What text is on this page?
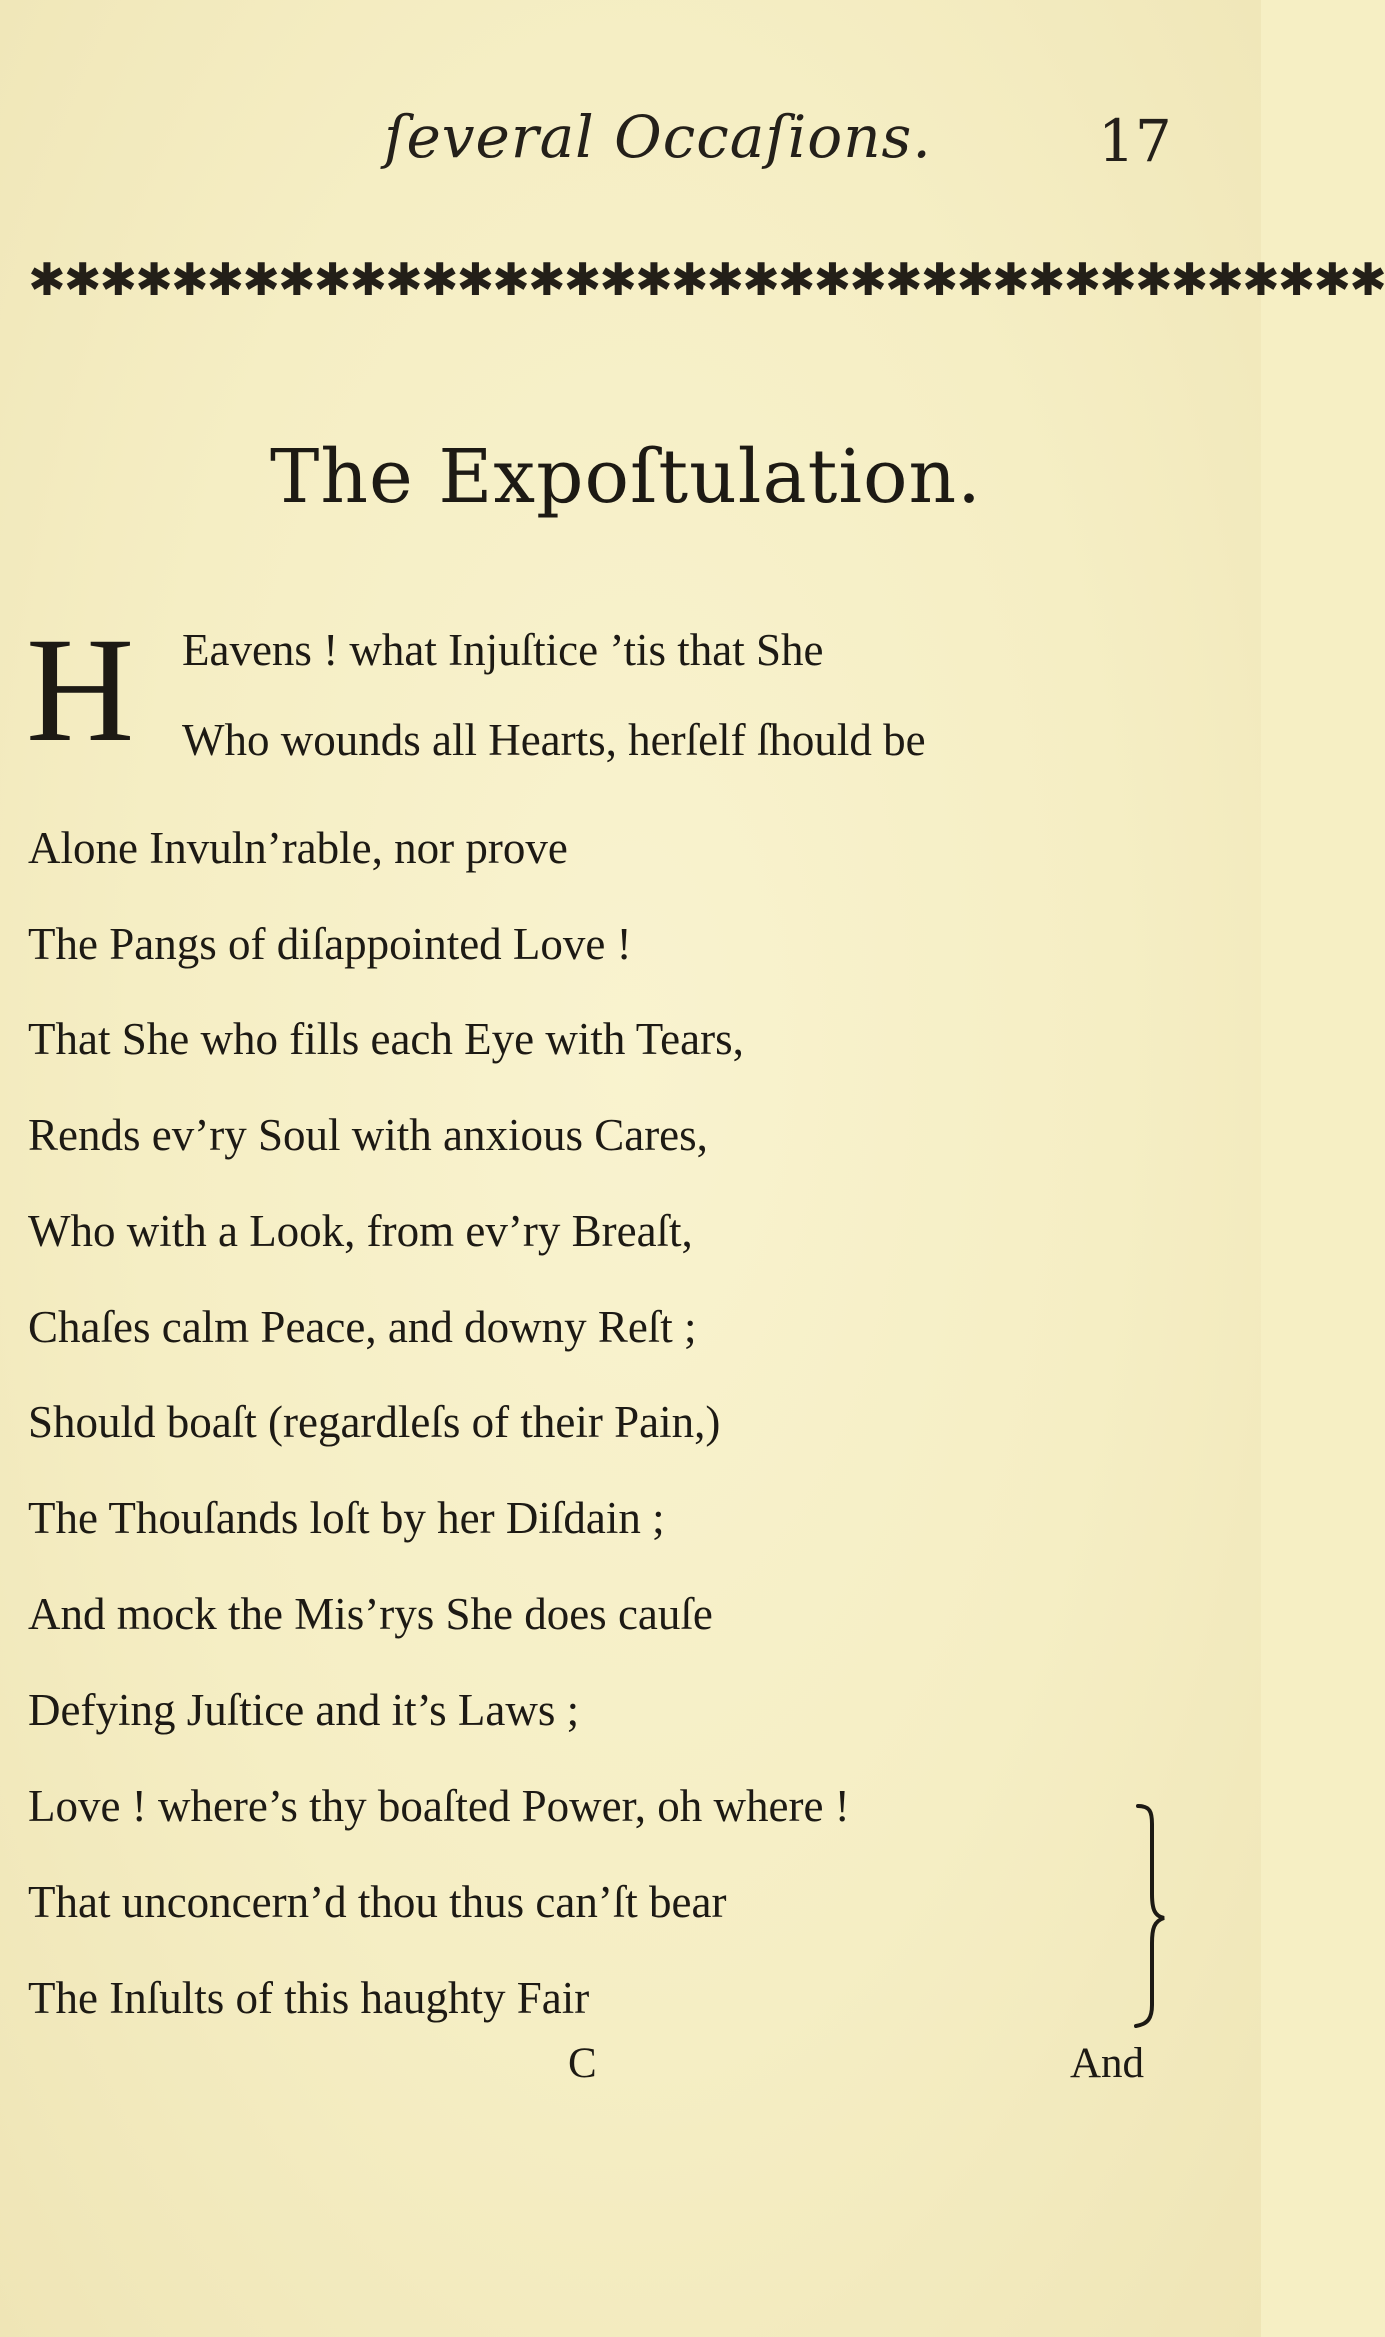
ſeveral Occaſions.	17
✱✱✱✱✱✱✱✱✱✱✱✱✱✱✱✱✱✱✱✱✱✱✱✱✱✱✱✱✱✱✱✱✱✱✱✱✱✱
The Expoſtulation.
H Eavens ! what Injuſtice ’tis that She
Who wounds all Hearts, herſelf ſhould be
Alone Invuln’rable, nor prove
The Pangs of diſappointed Love !
That She who fills each Eye with Tears,
Rends ev’ry Soul with anxious Cares,
Who with a Look, from ev’ry Breaſt,
Chaſes calm Peace, and downy Reſt ;
Should boaſt (regardleſs of their Pain,)
The Thouſands loſt by her Diſdain ;
And mock the Mis’rys She does cauſe
Defying Juſtice and it’s Laws ;
Love ! where’s thy boaſted Power, oh where !
That unconcern’d thou thus can’ſt bear
The Inſults of this haughty Fair
C	And
